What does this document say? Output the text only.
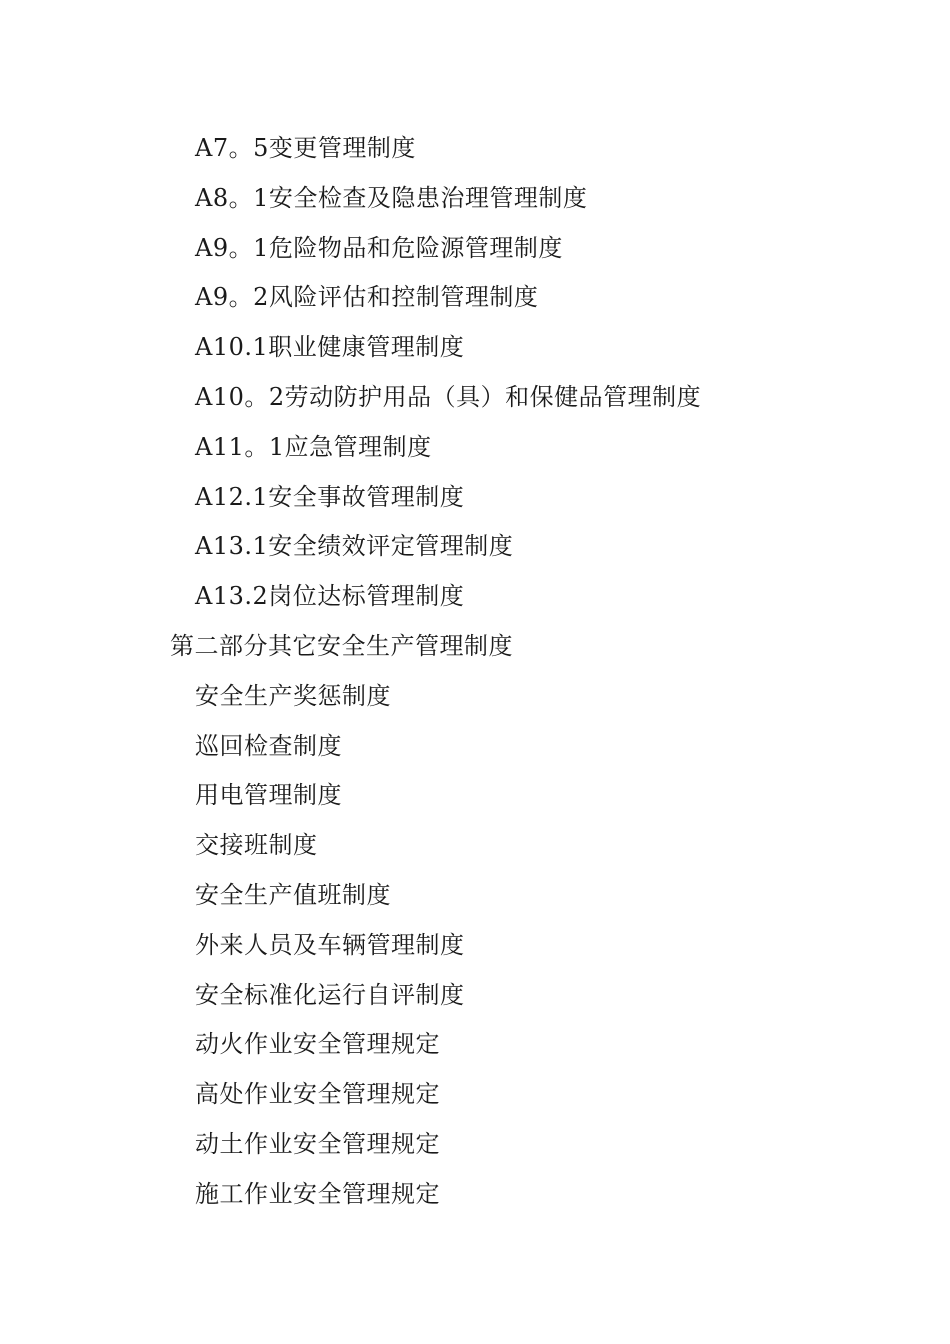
A7。5变更管理制度
A8。1安全检查及隐患治理管理制度
A9。1危险物品和危险源管理制度
A9。2风险评估和控制管理制度
A10.1职业健康管理制度
A10。2劳动防护用品（具）和保健品管理制度
A11。1应急管理制度
A12.1安全事故管理制度
A13.1安全绩效评定管理制度
A13.2岗位达标管理制度
第二部分其它安全生产管理制度
安全生产奖惩制度
巡回检查制度
用电管理制度
交接班制度
安全生产值班制度
外来人员及车辆管理制度
安全标准化运行自评制度
动火作业安全管理规定
高处作业安全管理规定
动土作业安全管理规定
施工作业安全管理规定
